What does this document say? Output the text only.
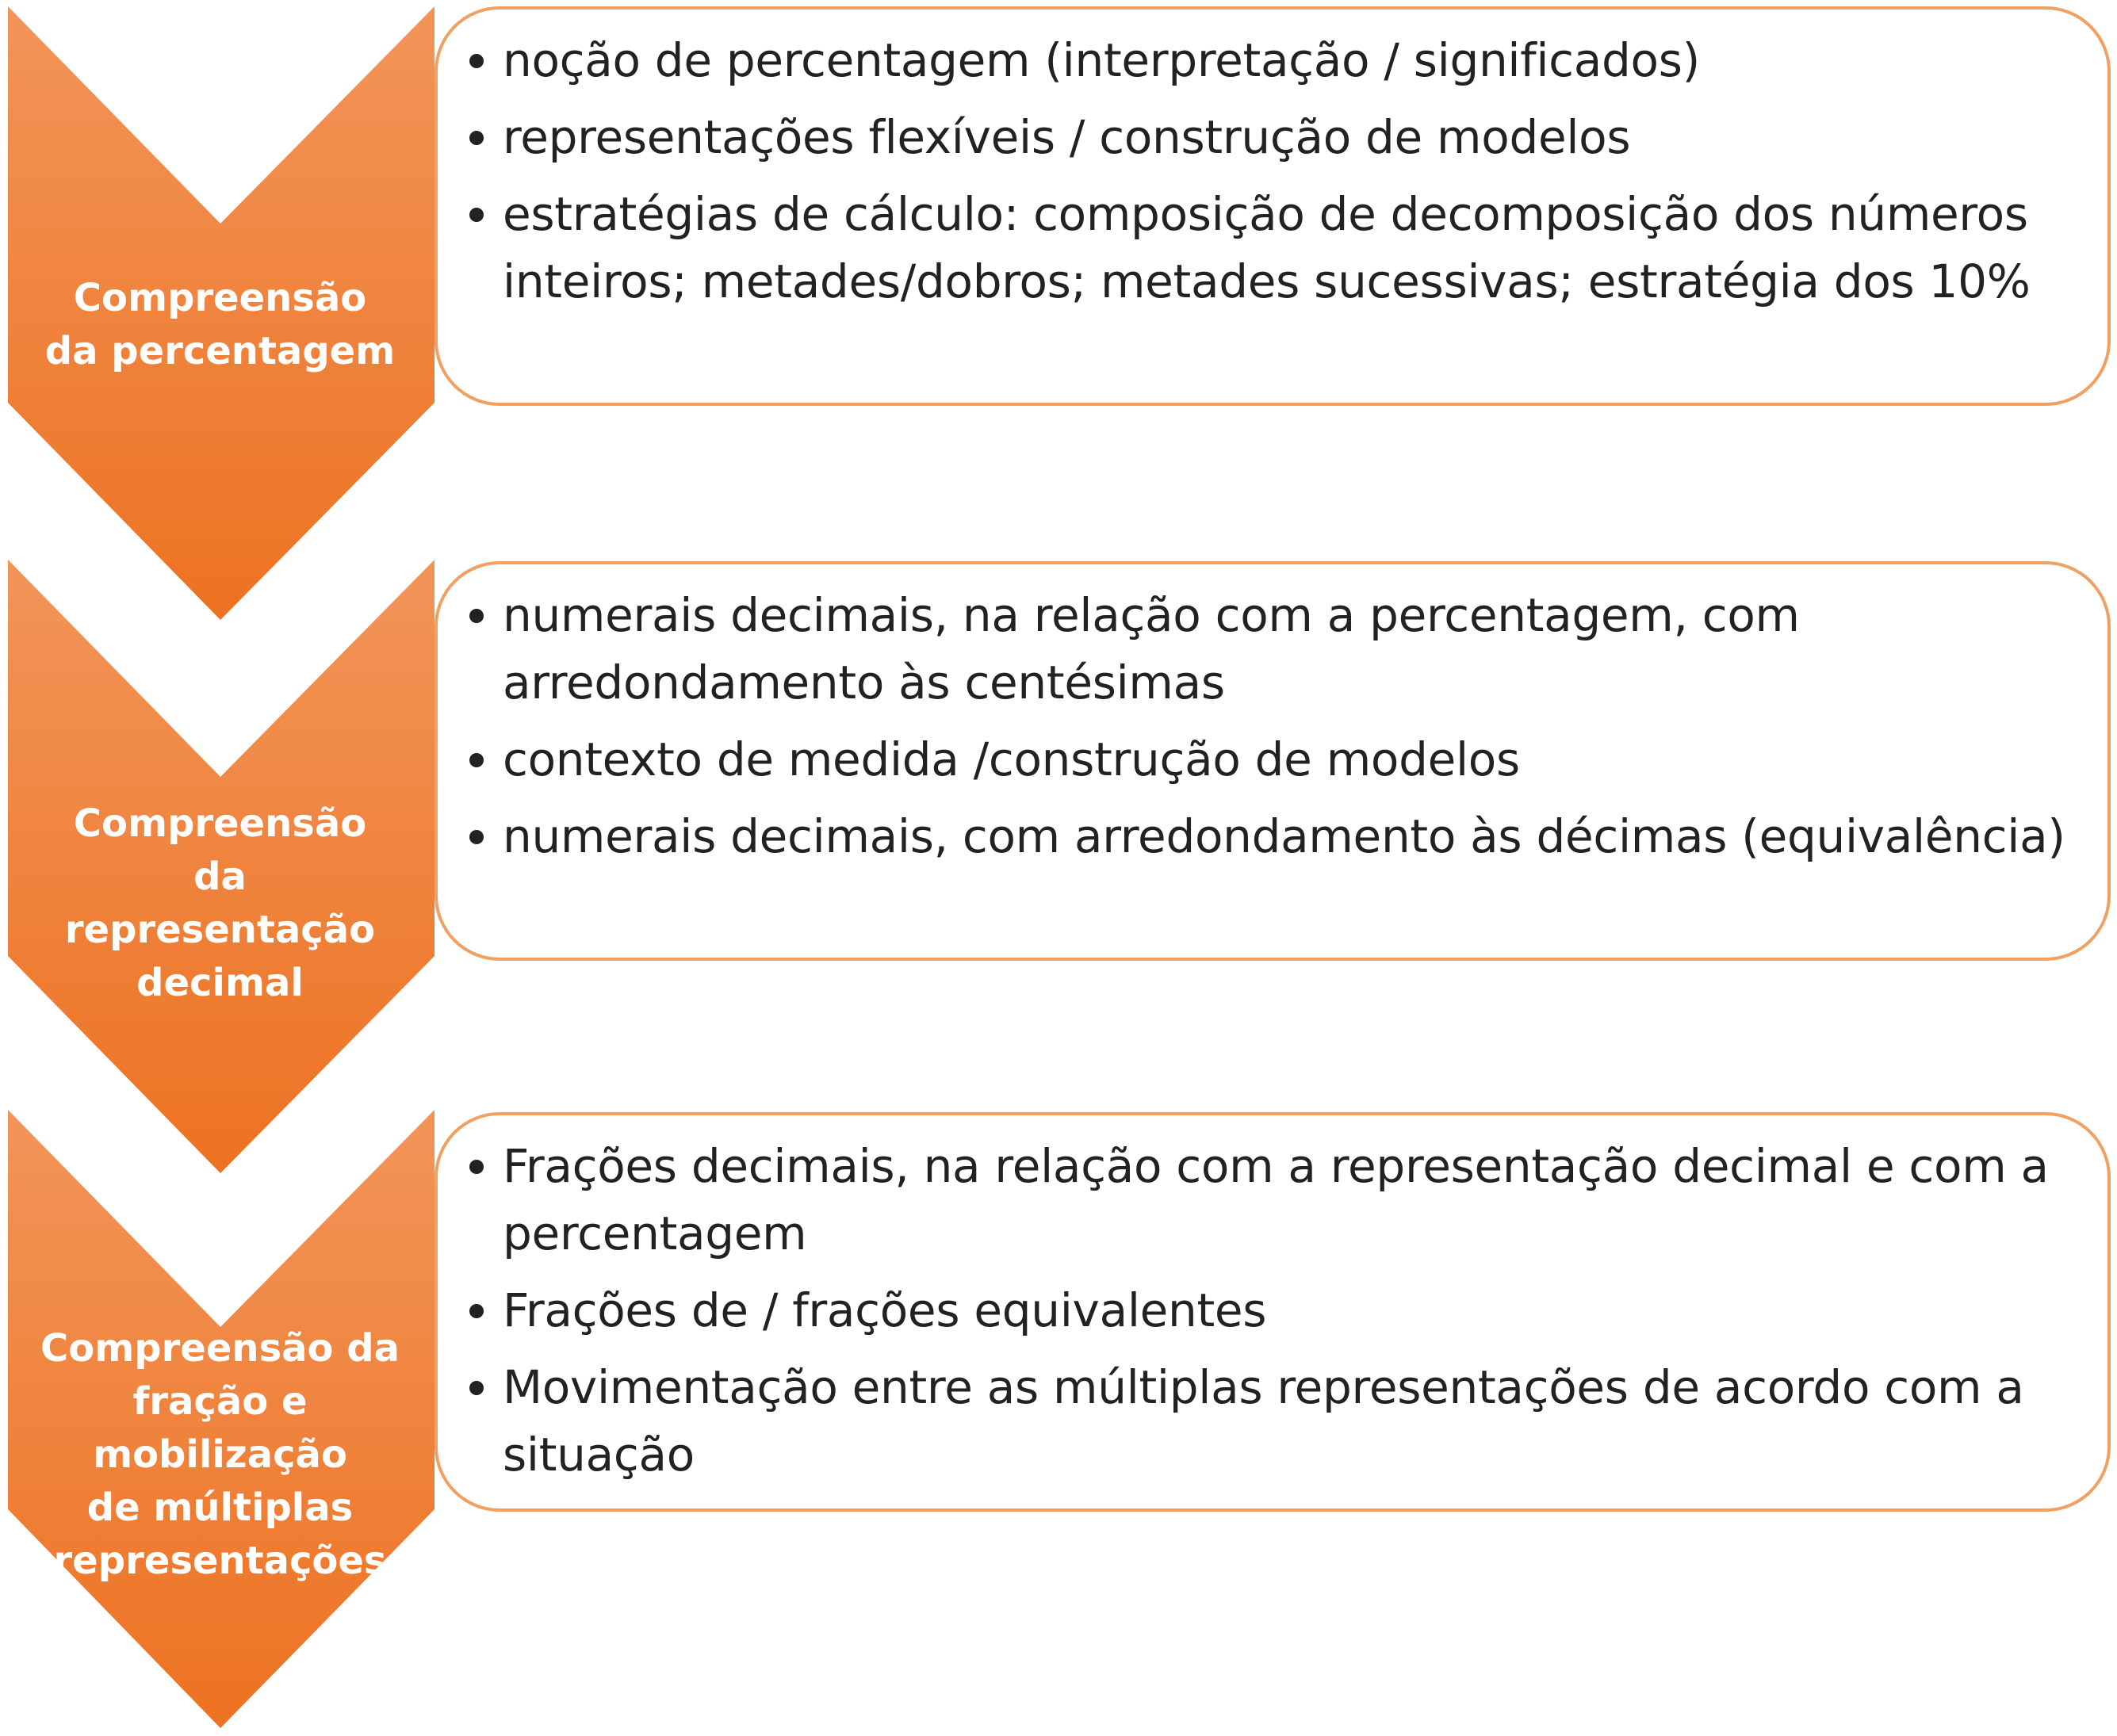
Compreensão
da percentagem
Compreensão
da
representação
decimal
Compreensão da
fração e mobilização
de múltiplas
representações
noção de percentagem (interpretação / significados)
representações flexíveis / construção de modelos
estratégias de cálculo: composição de decomposição dos números inteiros; metades/dobros; metades sucessivas; estratégia dos 10%
numerais decimais, na relação com a percentagem, com arredondamento às centésimas
contexto de medida /construção de modelos
numerais decimais, com arredondamento às décimas (equivalência)
Frações decimais, na relação com a representação decimal e com a percentagem
Frações de / frações equivalentes
Movimentação entre as múltiplas representações de acordo com a situação
